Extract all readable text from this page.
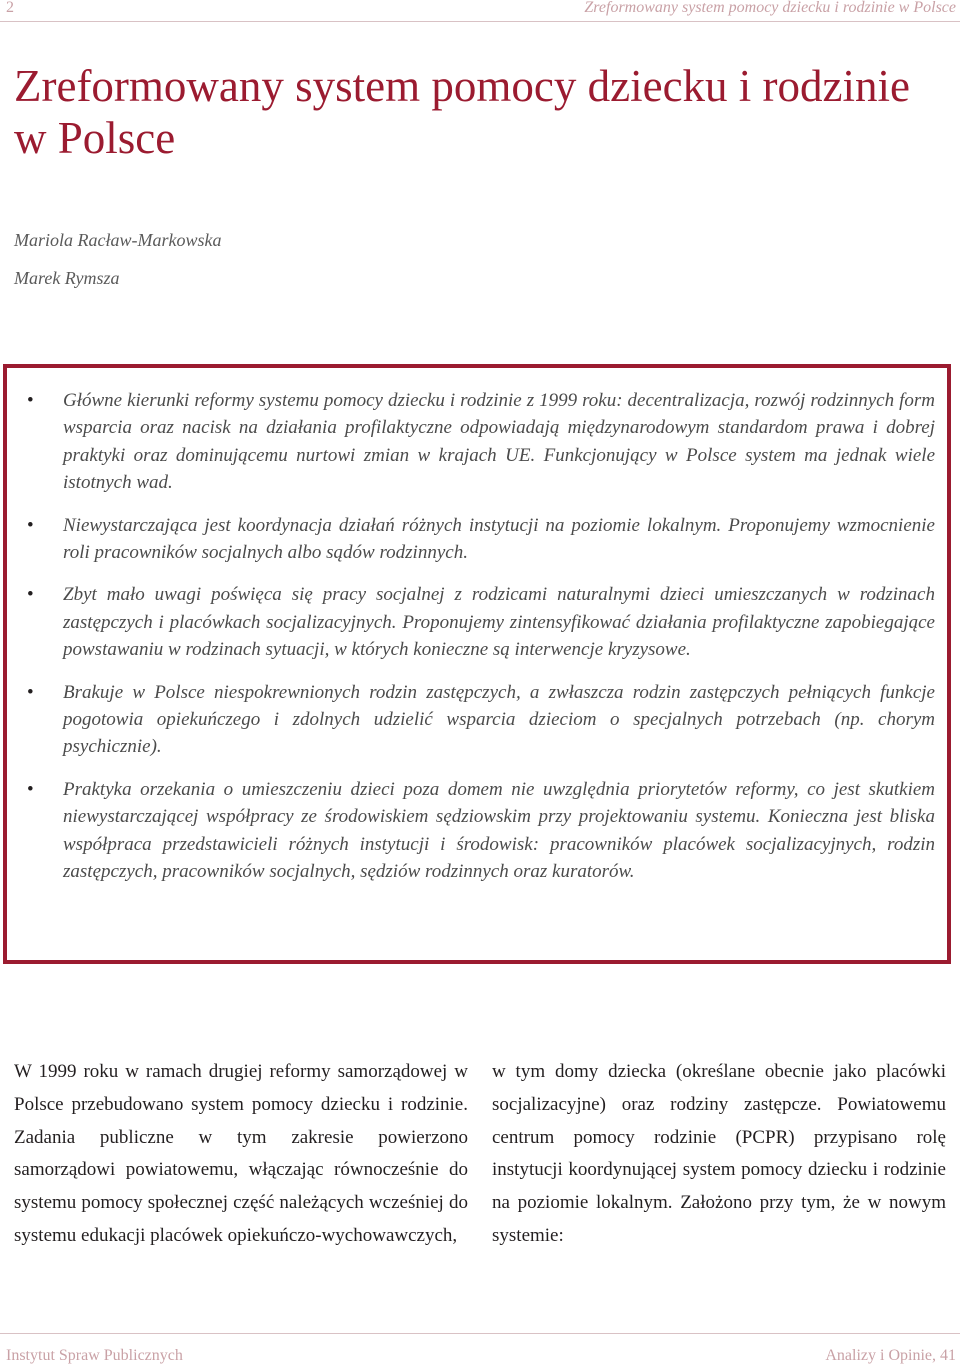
2	Zreformowany system pomocy dziecku i rodzinie w Polsce
Zreformowany system pomocy dziecku i rodzinie w Polsce
Mariola Racław-Markowska
Marek Rymsza
• Główne kierunki reformy systemu pomocy dziecku i rodzinie z 1999 roku: decentralizacja, rozwój rodzinnych form wsparcia oraz nacisk na działania profilaktyczne odpowiadają międzynarodowym standardom prawa i dobrej praktyki oraz dominującemu nurtowi zmian w krajach UE. Funkcjonujący w Polsce system ma jednak wiele istotnych wad.
• Niewystarczająca jest koordynacja działań różnych instytucji na poziomie lokalnym. Proponujemy wzmocnienie roli pracowników socjalnych albo sądów rodzinnych.
• Zbyt mało uwagi poświęca się pracy socjalnej z rodzicami naturalnymi dzieci umieszczanych w rodzinach zastępczych i placówkach socjalizacyjnych. Proponujemy zintensyfikować działania profilaktyczne zapobiegające powstawaniu w rodzinach sytuacji, w których konieczne są interwencje kryzysowe.
• Brakuje w Polsce niespokrewnionych rodzin zastępczych, a zwłaszcza rodzin zastępczych pełniących funkcje pogotowia opiekuńczego i zdolnych udzielić wsparcia dzieciom o specjalnych potrzebach (np. chorym psychicznie).
• Praktyka orzekania o umieszczeniu dzieci poza domem nie uwzględnia priorytetów reformy, co jest skutkiem niewystarczającej współpracy ze środowiskiem sędziowskim przy projektowaniu systemu. Konieczna jest bliska współpraca przedstawicieli różnych instytucji i środowisk: pracowników placówek socjalizacyjnych, rodzin zastępczych, pracowników socjalnych, sędziów rodzinnych oraz kuratorów.

W 1999 roku w ramach drugiej reformy samorządowej w Polsce przebudowano system pomocy dziecku i rodzinie. Zadania publiczne w tym zakresie powierzono samorządowi powiatowemu, włączając równocześnie do systemu pomocy społecznej część należących wcześniej do systemu edukacji placówek opiekuńczo-wychowawczych,

w tym domy dziecka (określane obecnie jako placówki socjalizacyjne) oraz rodziny zastępcze. Powiatowemu centrum pomocy rodzinie (PCPR) przypisano rolę instytucji koordynującej system pomocy dziecku i rodzinie na poziomie lokalnym. Założono przy tym, że w nowym systemie:

Instytut Spraw Publicznych	Analizy i Opinie, 41
